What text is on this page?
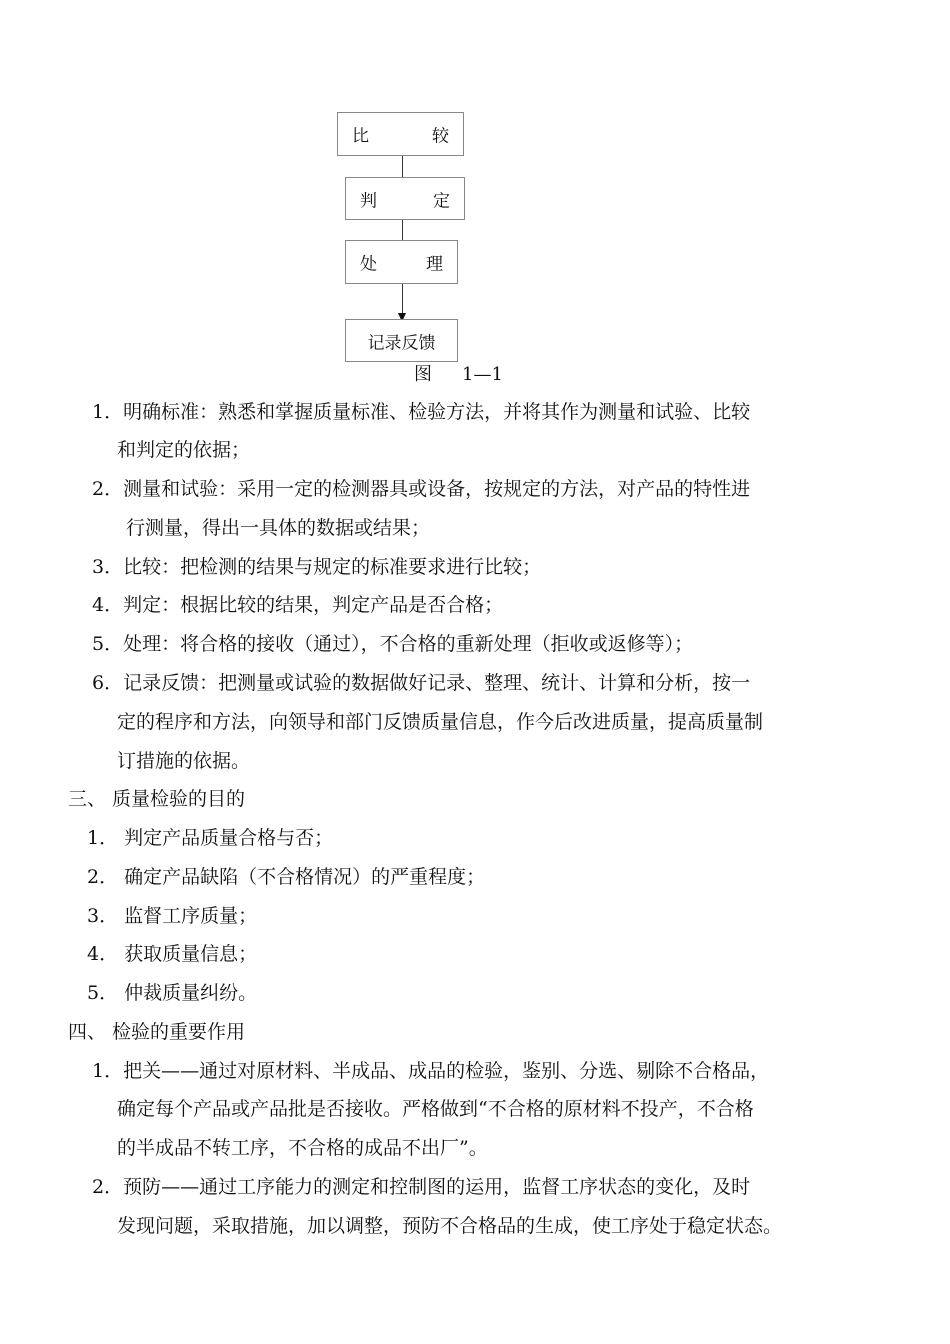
比	较
判	定
处	理
记录反馈
图 1—1
1．明确标准：熟悉和掌握质量标准、检验方法，并将其作为测量和试验、比较
和判定的依据；
2．测量和试验：采用一定的检测器具或设备，按规定的方法，对产品的特性进
行测量，得出一具体的数据或结果；
3．比较：把检测的结果与规定的标准要求进行比较；
4．判定：根据比较的结果，判定产品是否合格；
5．处理：将合格的接收（通过），不合格的重新处理（拒收或返修等）；
6．记录反馈：把测量或试验的数据做好记录、整理、统计、计算和分析，按一
定的程序和方法，向领导和部门反馈质量信息，作今后改进质量，提高质量制
订措施的依据。
三、 质量检验的目的
1． 判定产品质量合格与否；
2． 确定产品缺陷（不合格情况）的严重程度；
3． 监督工序质量；
4． 获取质量信息；
5． 仲裁质量纠纷。
四、 检验的重要作用
1．把关——通过对原材料、半成品、成品的检验，鉴别、分选、剔除不合格品，
确定每个产品或产品批是否接收。严格做到“不合格的原材料不投产，不合格
的半成品不转工序，不合格的成品不出厂”。
2．预防——通过工序能力的测定和控制图的运用，监督工序状态的变化，及时
发现问题，采取措施，加以调整，预防不合格品的生成，使工序处于稳定状态。
